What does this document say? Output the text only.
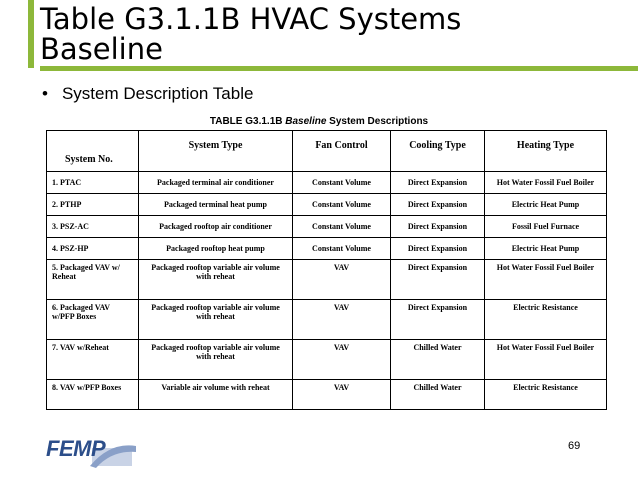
Table G3.1.1B HVAC Systems
Baseline
• System Description Table
TABLE G3.1.1B Baseline System Descriptions
System No.	System Type	Fan Control	Cooling Type	Heating Type
1. PTAC	Packaged terminal air conditioner	Constant Volume	Direct Expansion	Hot Water Fossil Fuel Boiler
2. PTHP	Packaged terminal heat pump	Constant Volume	Direct Expansion	Electric Heat Pump
3. PSZ-AC	Packaged rooftop air conditioner	Constant Volume	Direct Expansion	Fossil Fuel Furnace
4. PSZ-HP	Packaged rooftop heat pump	Constant Volume	Direct Expansion	Electric Heat Pump
5. Packaged VAV w/ Reheat	Packaged rooftop variable air volume with reheat	VAV	Direct Expansion	Hot Water Fossil Fuel Boiler
6. Packaged VAV w/PFP Boxes	Packaged rooftop variable air volume with reheat	VAV	Direct Expansion	Electric Resistance
7. VAV w/Reheat	Packaged rooftop variable air volume with reheat	VAV	Chilled Water	Hot Water Fossil Fuel Boiler
8. VAV w/PFP Boxes	Variable air volume with reheat	VAV	Chilled Water	Electric Resistance
FEMP	69
